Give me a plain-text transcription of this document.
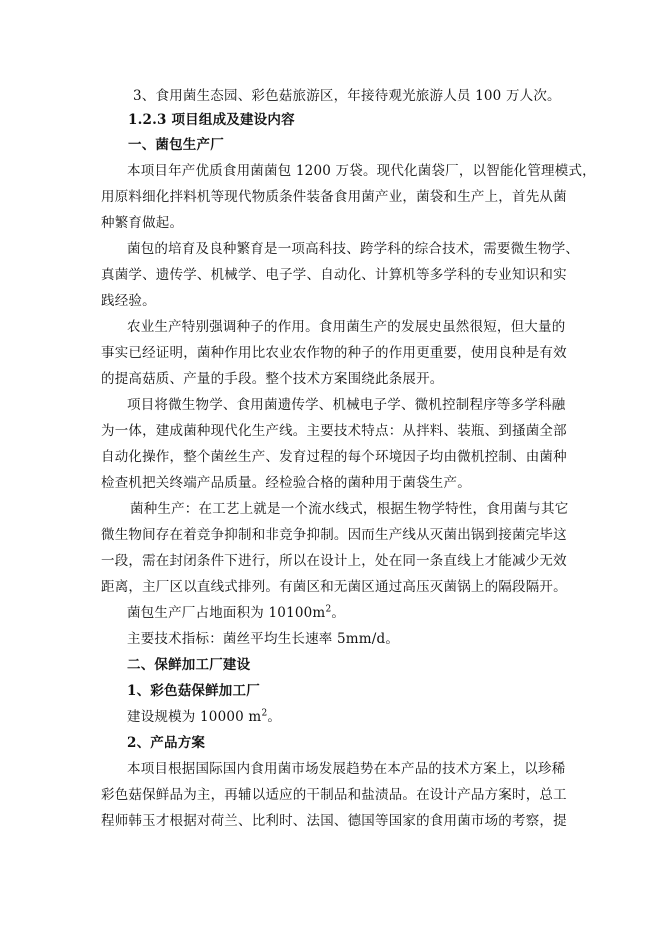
3、食用菌生态园、彩色菇旅游区，年接待观光旅游人员 100 万人次。
1.2.3 项目组成及建设内容
一、菌包生产厂
本项目年产优质食用菌菌包 1200 万袋。现代化菌袋厂，以智能化管理模式，
用原料细化拌料机等现代物质条件装备食用菌产业，菌袋和生产上，首先从菌
种繁育做起。
菌包的培育及良种繁育是一项高科技、跨学科的综合技术，需要微生物学、
真菌学、遗传学、机械学、电子学、自动化、计算机等多学科的专业知识和实
践经验。
农业生产特别强调种子的作用。食用菌生产的发展史虽然很短，但大量的
事实已经证明，菌种作用比农业农作物的种子的作用更重要，使用良种是有效
的提高菇质、产量的手段。整个技术方案围绕此条展开。
项目将微生物学、食用菌遗传学、机械电子学、微机控制程序等多学科融
为一体，建成菌种现代化生产线。主要技术特点：从拌料、装瓶、到搔菌全部
自动化操作，整个菌丝生产、发育过程的每个环境因子均由微机控制、由菌种
检查机把关终端产品质量。经检验合格的菌种用于菌袋生产。
菌种生产：在工艺上就是一个流水线式，根据生物学特性，食用菌与其它
微生物间存在着竞争抑制和非竞争抑制。因而生产线从灭菌出锅到接菌完毕这
一段，需在封闭条件下进行，所以在设计上，处在同一条直线上才能减少无效
距离，主厂区以直线式排列。有菌区和无菌区通过高压灭菌锅上的隔段隔开。
菌包生产厂占地面积为 $10100m^2$。
主要技术指标：菌丝平均生长速率 5mm/d。
二、保鲜加工厂建设
1、彩色菇保鲜加工厂
建设规模为 10000 $m^2$。
2、产品方案
本项目根据国际国内食用菌市场发展趋势在本产品的技术方案上，以珍稀
彩色菇保鲜品为主，再辅以适应的干制品和盐渍品。在设计产品方案时，总工
程师韩玉才根据对荷兰、比利时、法国、德国等国家的食用菌市场的考察，提
